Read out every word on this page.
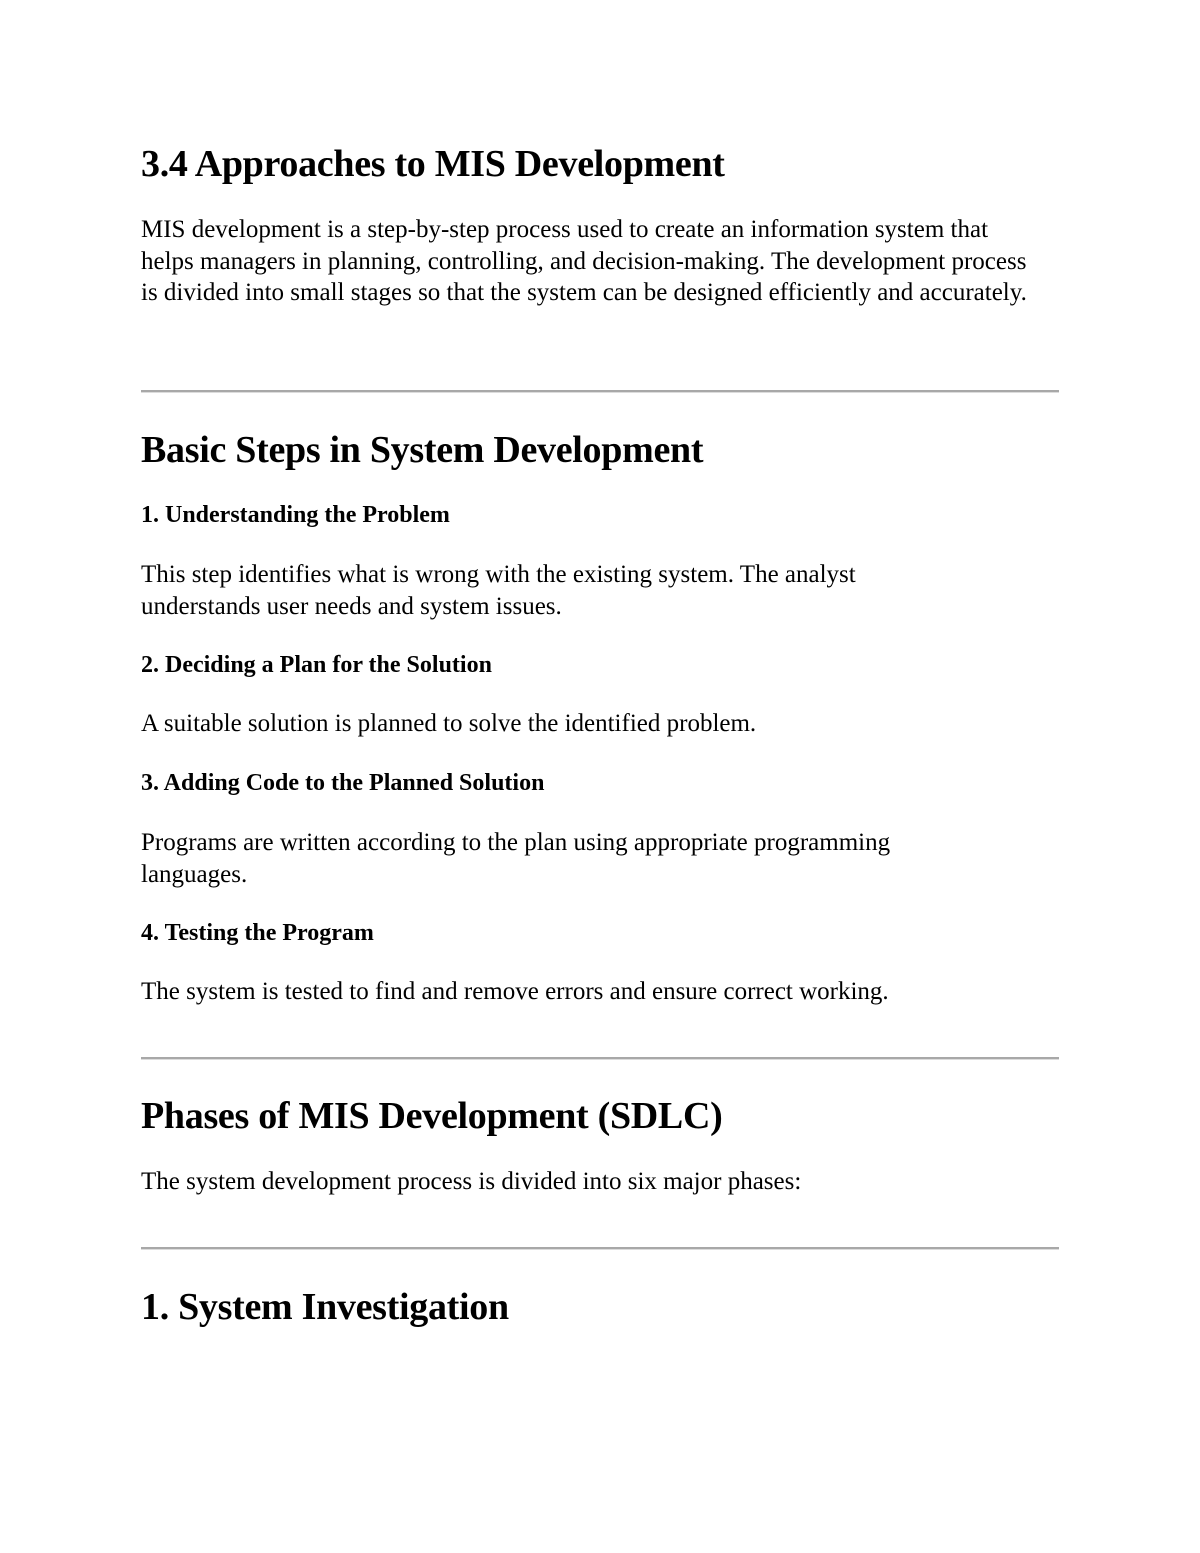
3.4 Approaches to MIS Development

MIS development is a step-by-step process used to create an information system that helps managers in planning, controlling, and decision-making. The development process is divided into small stages so that the system can be designed efficiently and accurately.

Basic Steps in System Development
1. Understanding the Problem

This step identifies what is wrong with the existing system. The analyst understands user needs and system issues.

2. Deciding a Plan for the Solution

A suitable solution is planned to solve the identified problem.

3. Adding Code to the Planned Solution

Programs are written according to the plan using appropriate programming languages.

4. Testing the Program

The system is tested to find and remove errors and ensure correct working.

Phases of MIS Development (SDLC)

The system development process is divided into six major phases:

1. System Investigation
